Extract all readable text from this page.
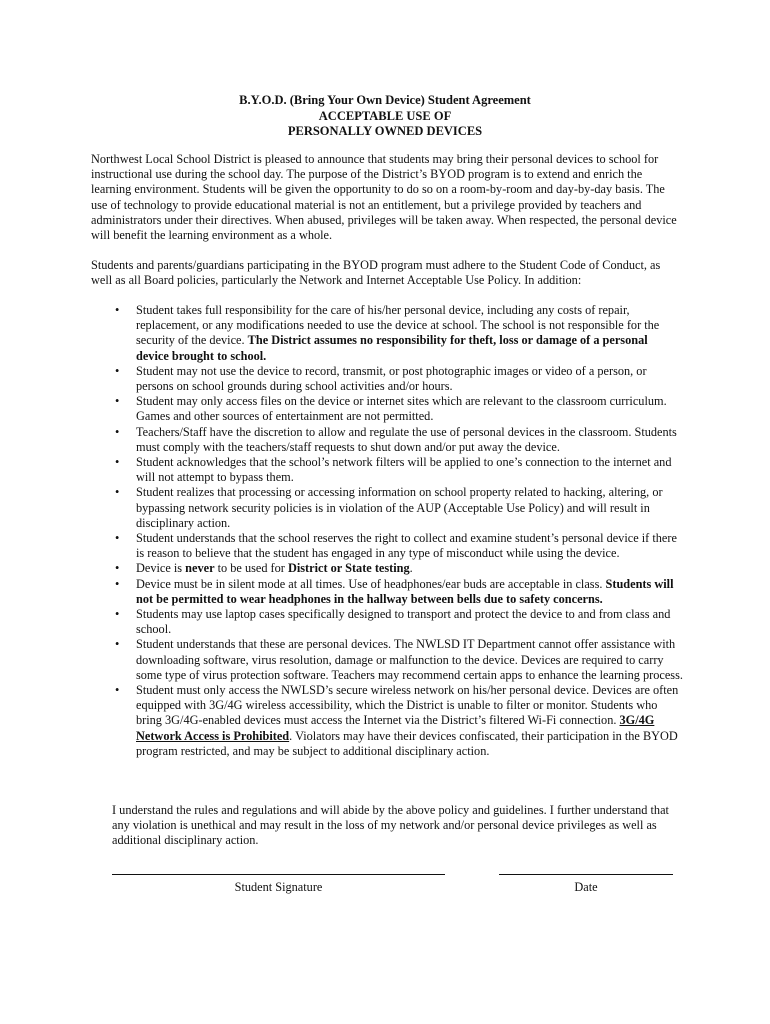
B.Y.O.D. (Bring Your Own Device) Student Agreement
ACCEPTABLE USE OF
PERSONALLY OWNED DEVICES

Northwest Local School District is pleased to announce that students may bring their personal devices to school for instructional use during the school day. The purpose of the District’s BYOD program is to extend and enrich the learning environment. Students will be given the opportunity to do so on a room-by-room and day-by-day basis. The use of technology to provide educational material is not an entitlement, but a privilege provided by teachers and administrators under their directives. When abused, privileges will be taken away. When respected, the personal device will benefit the learning environment as a whole.

Students and parents/guardians participating in the BYOD program must adhere to the Student Code of Conduct, as well as all Board policies, particularly the Network and Internet Acceptable Use Policy. In addition:

• Student takes full responsibility for the care of his/her personal device, including any costs of repair, replacement, or any modifications needed to use the device at school. The school is not responsible for the security of the device. The District assumes no responsibility for theft, loss or damage of a personal device brought to school.
• Student may not use the device to record, transmit, or post photographic images or video of a person, or persons on school grounds during school activities and/or hours.
• Student may only access files on the device or internet sites which are relevant to the classroom curriculum. Games and other sources of entertainment are not permitted.
• Teachers/Staff have the discretion to allow and regulate the use of personal devices in the classroom. Students must comply with the teachers/staff requests to shut down and/or put away the device.
• Student acknowledges that the school’s network filters will be applied to one’s connection to the internet and will not attempt to bypass them.
• Student realizes that processing or accessing information on school property related to hacking, altering, or bypassing network security policies is in violation of the AUP (Acceptable Use Policy) and will result in disciplinary action.
• Student understands that the school reserves the right to collect and examine student’s personal device if there is reason to believe that the student has engaged in any type of misconduct while using the device.
• Device is never to be used for District or State testing.
• Device must be in silent mode at all times. Use of headphones/ear buds are acceptable in class. Students will not be permitted to wear headphones in the hallway between bells due to safety concerns.
• Students may use laptop cases specifically designed to transport and protect the device to and from class and school.
• Student understands that these are personal devices. The NWLSD IT Department cannot offer assistance with downloading software, virus resolution, damage or malfunction to the device. Devices are required to carry some type of virus protection software. Teachers may recommend certain apps to enhance the learning process.
• Student must only access the NWLSD’s secure wireless network on his/her personal device. Devices are often equipped with 3G/4G wireless accessibility, which the District is unable to filter or monitor. Students who bring 3G/4G-enabled devices must access the Internet via the District’s filtered Wi-Fi connection. 3G/4G Network Access is Prohibited. Violators may have their devices confiscated, their participation in the BYOD program restricted, and may be subject to additional disciplinary action.

I understand the rules and regulations and will abide by the above policy and guidelines. I further understand that any violation is unethical and may result in the loss of my network and/or personal device privileges as well as additional disciplinary action.

Student Signature	Date
